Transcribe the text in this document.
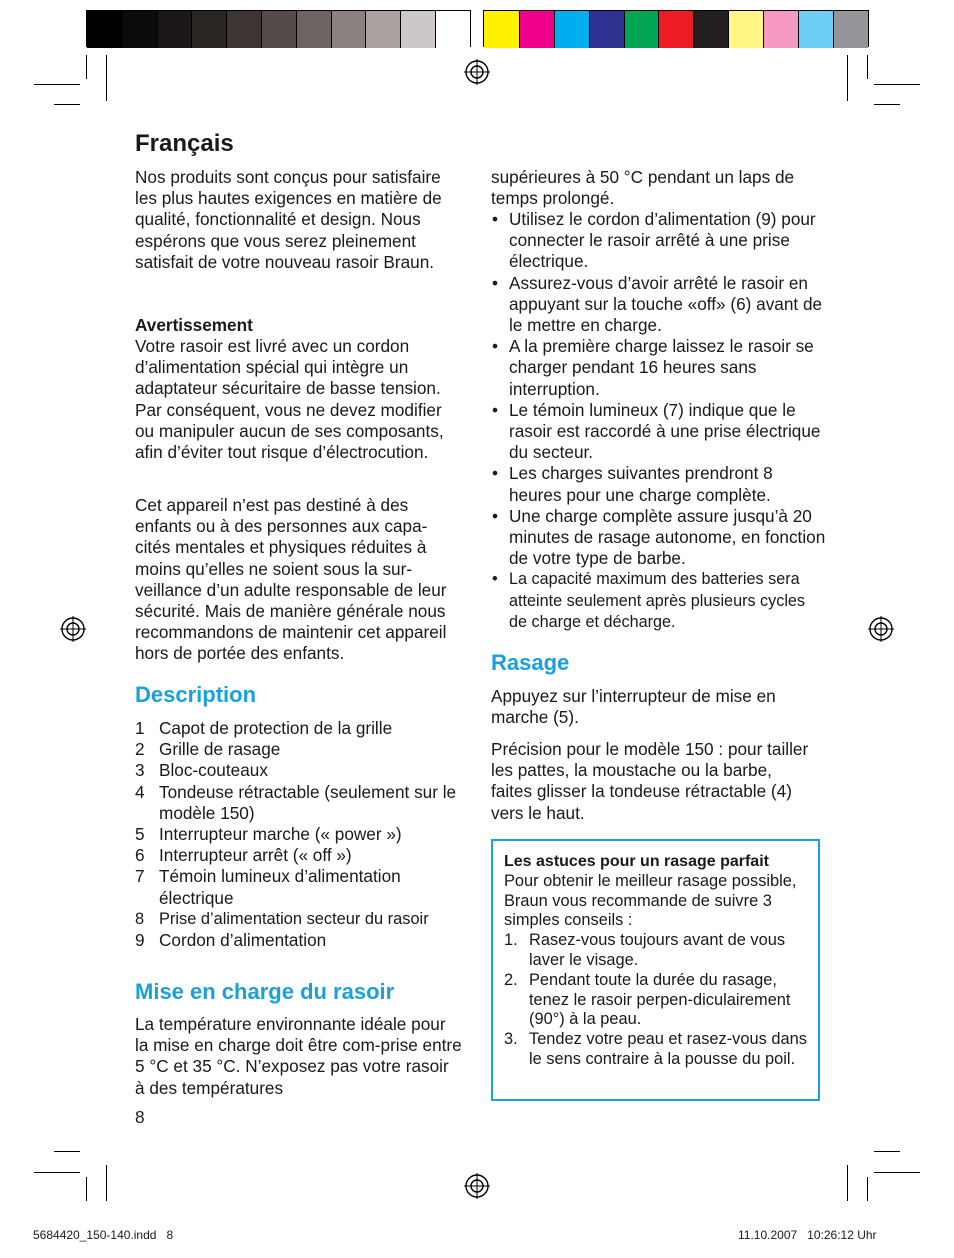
Français

Nos produits sont conçus pour satisfaire les plus hautes exigences en matière de qualité, fonctionnalité et design. Nous espérons que vous serez pleinement satisfait de votre nouveau rasoir Braun.

Avertissement

Votre rasoir est livré avec un cordon d’alimentation spécial qui intègre un adaptateur sécuritaire de basse tension. Par conséquent, vous ne devez modifier ou manipuler aucun de ses composants, afin d’éviter tout risque d’électrocution.

Cet appareil n’est pas destiné à des enfants ou à des personnes aux capa-cités mentales et physiques réduites à moins qu’elles ne soient sous la sur-veillance d’un adulte responsable de leur sécurité. Mais de manière générale nous recommandons de maintenir cet appareil hors de portée des enfants.

Description
1 Capot de protection de la grille
2 Grille de rasage
3 Bloc-couteaux
4 Tondeuse rétractable (seulement sur le modèle 150)
5 Interrupteur marche (« power »)
6 Interrupteur arrêt (« off »)
7 Témoin lumineux d’alimentation électrique
8 Prise d’alimentation secteur du rasoir
9 Cordon d’alimentation
Mise en charge du rasoir

La température environnante idéale pour la mise en charge doit être com-prise entre 5 °C et 35 °C. N’exposez pas votre rasoir à des températures

8

supérieures à 50 °C pendant un laps de temps prolongé.

• Utilisez le cordon d’alimentation (9) pour connecter le rasoir arrêté à une prise électrique.
• Assurez-vous d’avoir arrêté le rasoir en appuyant sur la touche «off» (6) avant de le mettre en charge.
• A la première charge laissez le rasoir se charger pendant 16 heures sans interruption.
• Le témoin lumineux (7) indique que le rasoir est raccordé à une prise électrique du secteur.
• Les charges suivantes prendront 8 heures pour une charge complète.
• Une charge complète assure jusqu’à 20 minutes de rasage autonome, en fonction de votre type de barbe.
• La capacité maximum des batteries sera atteinte seulement après plusieurs cycles de charge et décharge.
Rasage

Appuyez sur l’interrupteur de mise en marche (5).

Précision pour le modèle 150 : pour tailler les pattes, la moustache ou la barbe, faites glisser la tondeuse rétractable (4) vers le haut.

Les astuces pour un rasage parfait
Pour obtenir le meilleur rasage possible, Braun vous recommande de suivre 3 simples conseils :
1. Rasez-vous toujours avant de vous laver le visage.
2. Pendant toute la durée du rasage, tenez le rasoir perpen-diculairement (90°) à la peau.
3. Tendez votre peau et rasez-vous dans le sens contraire à la pousse du poil.
5684420_150-140.indd   8	11.10.2007   10:26:12 Uhr
